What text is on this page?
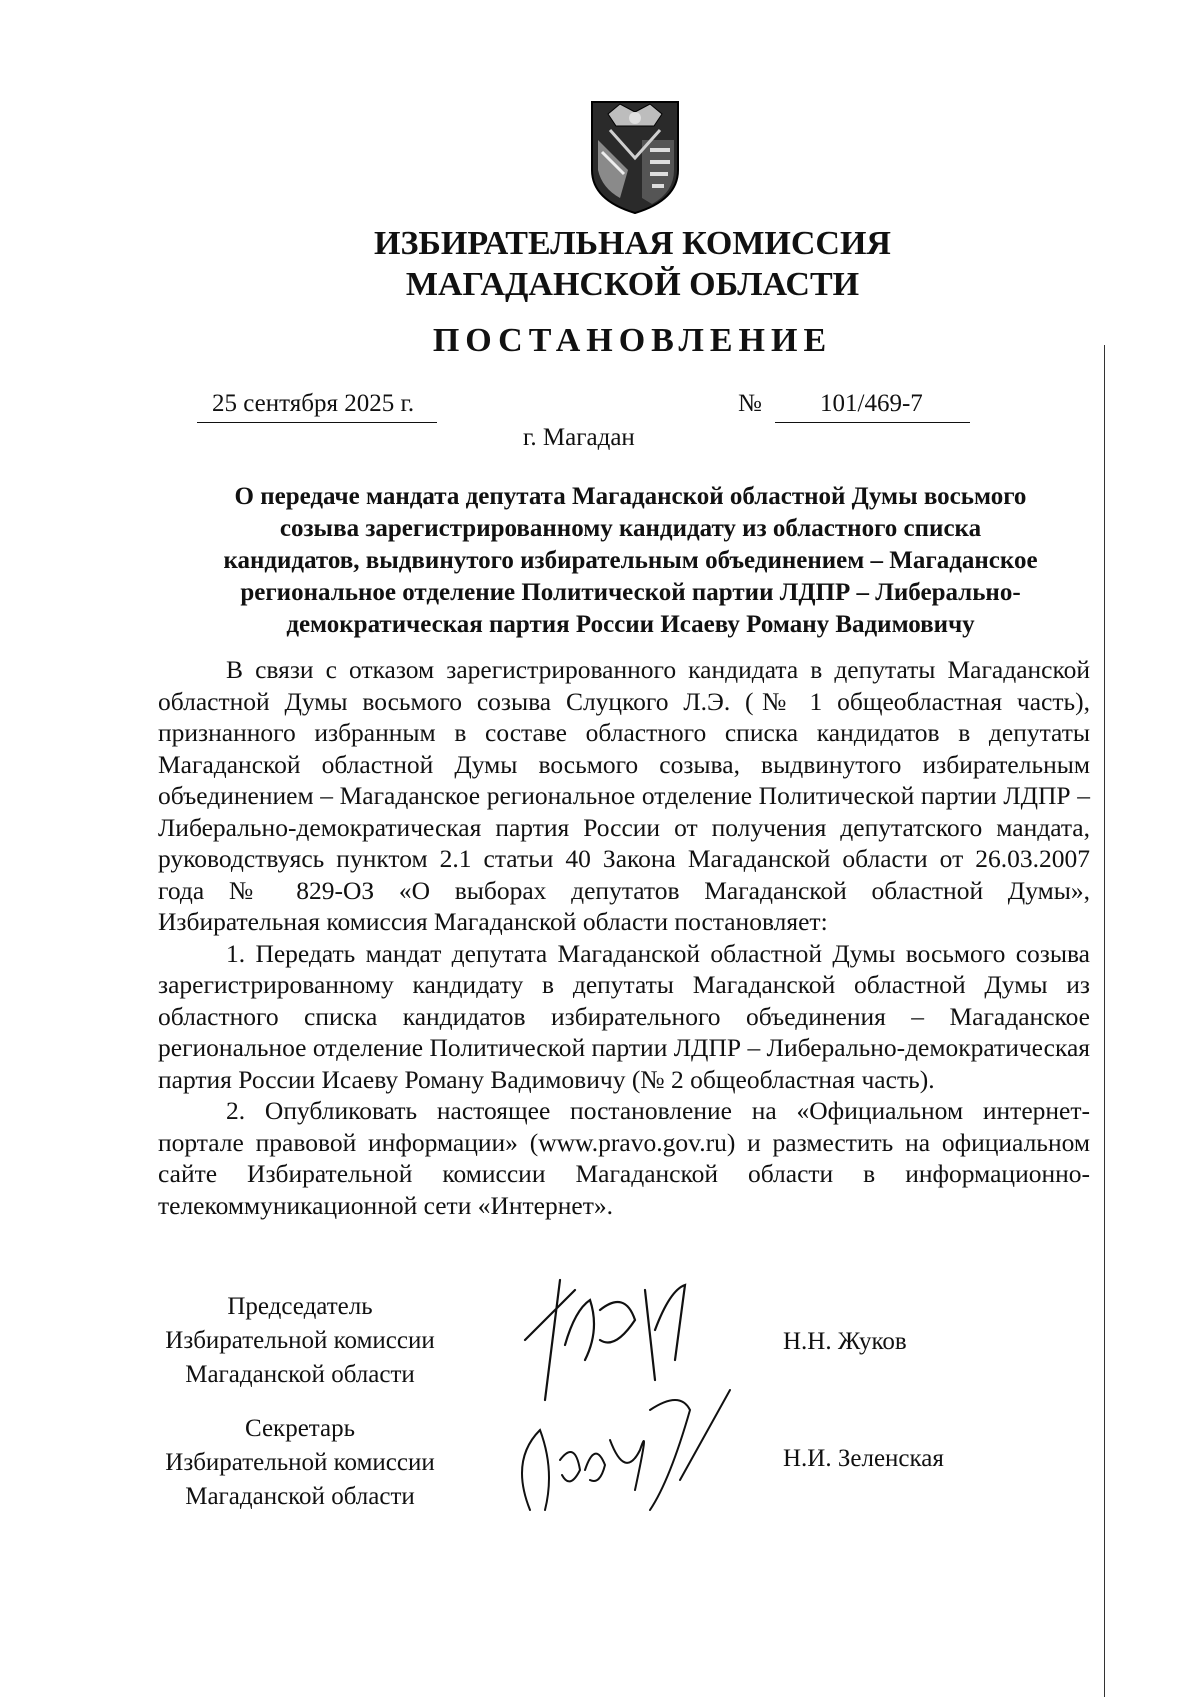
ИЗБИРАТЕЛЬНАЯ КОМИССИЯ
МАГАДАНСКОЙ ОБЛАСТИ
ПОСТАНОВЛЕНИЕ
25 сентября 2025 г.	№ 101/469-7
г. Магадан
О передаче мандата депутата Магаданской областной Думы восьмого
созыва зарегистрированному кандидату из областного списка
кандидатов, выдвинутого избирательным объединением – Магаданское
региональное отделение Политической партии ЛДПР – Либерально-
демократическая партия России Исаеву Роману Вадимовичу

В связи с отказом зарегистрированного кандидата в депутаты Магаданской областной Думы восьмого созыва Слуцкого Л.Э. (№ 1 общеобластная часть), признанного избранным в составе областного списка кандидатов в депутаты Магаданской областной Думы восьмого созыва, выдвинутого избирательным объединением – Магаданское региональное отделение Политической партии ЛДПР – Либерально-демократическая партия России от получения депутатского мандата, руководствуясь пунктом 2.1 статьи 40 Закона Магаданской области от 26.03.2007 года № 829-ОЗ «О выборах депутатов Магаданской областной Думы», Избирательная комиссия Магаданской области постановляет:

1. Передать мандат депутата Магаданской областной Думы восьмого созыва зарегистрированному кандидату в депутаты Магаданской областной Думы из областного списка кандидатов избирательного объединения – Магаданское региональное отделение Политической партии ЛДПР – Либерально-демократическая партия России Исаеву Роману Вадимовичу (№ 2 общеобластная часть).

2. Опубликовать настоящее постановление на «Официальном интернет-портале правовой информации» (www.pravo.gov.ru) и разместить на официальном сайте Избирательной комиссии Магаданской области в информационно-телекоммуникационной сети «Интернет».

Председатель
Избирательной комиссии
Магаданской области
Н.Н. Жуков
Секретарь
Избирательной комиссии
Магаданской области
Н.И. Зеленская
